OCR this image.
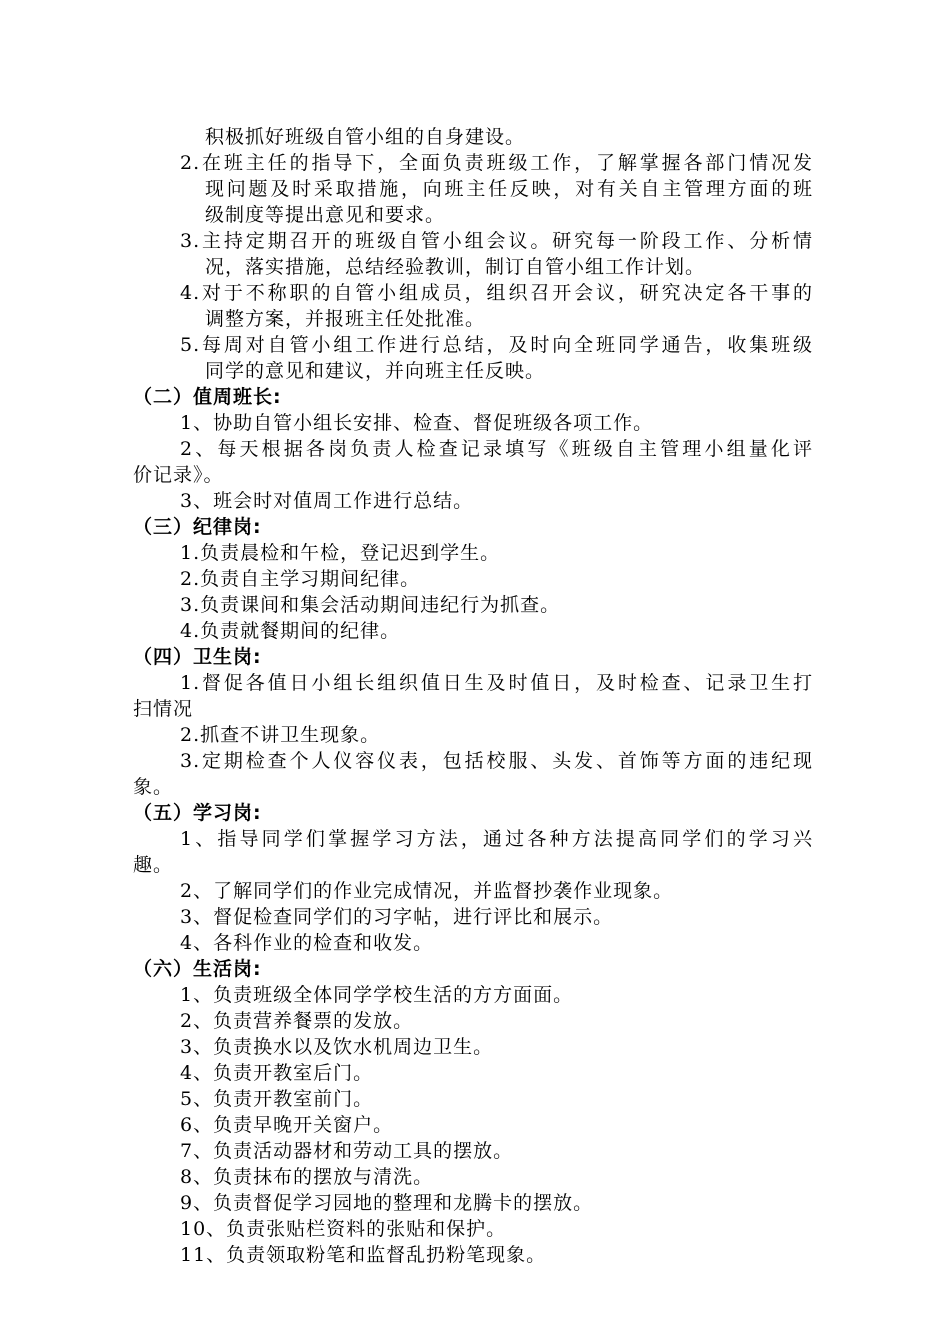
积极抓好班级自管小组的自身建设。
2.在班主任的指导下，全面负责班级工作，了解掌握各部门情况发
现问题及时采取措施，向班主任反映，对有关自主管理方面的班
级制度等提出意见和要求。
3.主持定期召开的班级自管小组会议。研究每一阶段工作、分析情
况，落实措施，总结经验教训，制订自管小组工作计划。
4.对于不称职的自管小组成员，组织召开会议，研究决定各干事的
调整方案，并报班主任处批准。
5.每周对自管小组工作进行总结，及时向全班同学通告，收集班级
同学的意见和建议，并向班主任反映。
（二）值周班长:
1、协助自管小组长安排、检查、督促班级各项工作。
2、每天根据各岗负责人检查记录填写《班级自主管理小组量化评
价记录》。
3、班会时对值周工作进行总结。
（三）纪律岗:
1.负责晨检和午检，登记迟到学生。
2.负责自主学习期间纪律。
3.负责课间和集会活动期间违纪行为抓查。
4.负责就餐期间的纪律。
（四）卫生岗:
1.督促各值日小组长组织值日生及时值日，及时检查、记录卫生打
扫情况
2.抓查不讲卫生现象。
3.定期检查个人仪容仪表，包括校服、头发、首饰等方面的违纪现
象。
（五）学习岗:
1、指导同学们掌握学习方法，通过各种方法提高同学们的学习兴
趣。
2、了解同学们的作业完成情况，并监督抄袭作业现象。
3、督促检查同学们的习字帖，进行评比和展示。
4、各科作业的检查和收发。
（六）生活岗:
1、负责班级全体同学学校生活的方方面面。
2、负责营养餐票的发放。
3、负责换水以及饮水机周边卫生。
4、负责开教室后门。
5、负责开教室前门。
6、负责早晚开关窗户。
7、负责活动器材和劳动工具的摆放。
8、负责抹布的摆放与清洗。
9、负责督促学习园地的整理和龙腾卡的摆放。
10、负责张贴栏资料的张贴和保护。
11、负责领取粉笔和监督乱扔粉笔现象。
